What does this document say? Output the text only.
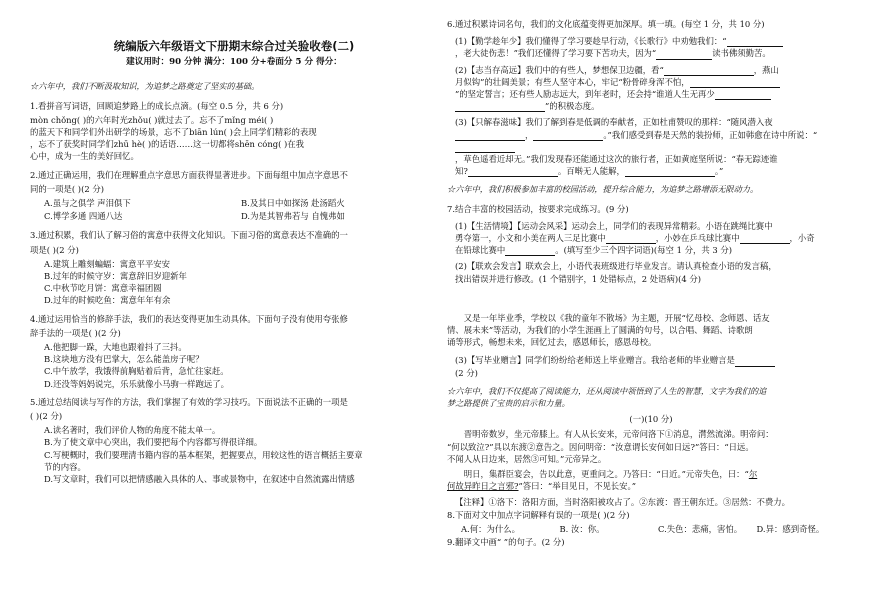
统编版六年级语文下册期末综合过关验收卷(二)
建议用时：90 分钟 满分：100 分+卷面分 5 分 得分：
☆六年中，我们不断汲取知识，为追梦之路奠定了坚实的基础。
1.看拼音写词语，回顾追梦路上的成长点滴。(每空 0.5 分，共 6 分)
mòn chǒng( )的六年时光zhǒu( )就过去了。忘不了mǐng méi( )
的蓝天下和同学们外出研学的场景，忘不了biān lún( )会上同学们精彩的表现
，忘不了获奖时同学们zhū hè( )的话语……这一切都将shēn cóng( )在我
心中，成为一生的美好回忆。
2.通过正确运用，我们在理解重点字意思方面获得显著进步。下面每组中加点字意思不
同的一项是( )(2 分)
A.虽与之俱学 声泪俱下	B.及其日中如探汤 赴汤蹈火
C.博学多通 四通八达	D.为是其智弗若与 自愧弗如
3.通过积累，我们认了解习俗的寓意中获得文化知识。下面习俗的寓意表达不准确的一
项是( )(2 分)
A.建筑上雕刻蝙蝠：寓意平平安安
B.过年的时候守岁：寓意辞旧岁迎新年
C.中秋节吃月饼：寓意幸福团圆
D.过年的时候吃鱼：寓意年年有余
4.通过运用恰当的修辞手法，我们的表达变得更加生动具体。下面句子没有使用夸张修
辞手法的一项是( )(2 分)
A.他把脚一跺，大地也跟着抖了三抖。
B.这块地方没有巴掌大，怎么能盖房子呢？
C.中午放学，我饿得前胸贴着后背，急忙往家赶。
D.还没等妈妈说完，乐乐就像小马驹一样跑远了。
5.通过总结阅读与写作的方法，我们掌握了有效的学习技巧。下面说法不正确的一项是
( )(2 分)
A.读名著时，我们评价人物的角度不能太单一。
B.为了使文章中心突出，我们要把每个内容都写得很详细。
C.写梗概时，我们要理清书籍内容的基本框架，把握要点，用较这性的语言概括主要章
节的内容。
D.写文章时，我们可以把情感融入具体的人、事或景物中，在叙述中自然流露出情感
6.通过积累诗词名句，我们的文化底蕴变得更加深厚。填一填。(每空 1 分，共 10 分)
(1)【勤学趁年少】我们懂得了学习要趁早行动，《长歌行》中劝勉我们：“
，老大徒伤悲！”我们还懂得了学习要下苦功夫，因为“	读书佛须勤苦。
(2)【志当存高远】我们中的有些人，梦想保卫边疆，看“	，燕山
月似钩”的壮阔美景；有些人坚守本心，牢记“粉骨碎身浑不怕，
”的坚定誓言；还有些人励志远大，到年老时，还会持“谁道人生无再少
”的积极态度。
(3)【只解春滋味】我们了解到春是低调的奉献者，正如杜甫赞叹的那样：“随风潜入夜
，	。”我们感受到春是天然的装扮师，正如韩愈在诗中所说：“
，草色遥看近却无。”我们发现春还能通过这次的旅行者，正如黄庭坚所说：“春无踪迹谁
知?	。百啭无人能解，	。”
☆六年中，我们积极参加丰富的校园活动，提升综合能力，为追梦之路增添无限动力。
7.结合丰富的校园活动，按要求完成练习。(9 分)
(1)【生活情境】【运动会风采】运动会上，同学们的表现异常精彩。小语在跳绳比赛中
勇夺第一，小文和小美在两人三足比赛中	，小妙在乒乓球比赛中	，小奇
在铅球比赛中	。(填写至少三个四字词语)(每空 1 分，共 3 分)
(2)【联欢会发言】联欢会上，小语代表班级进行毕业发言。请认真检查小语的发言稿，
找出错误并进行修改。(1 个错别字，1 处错标点，2 处语病)(4 分)
又是一年毕业季，学校以《我的童年不散场》为主题，开展“忆母校、念师恩、话友
情、展未来”等活动，为我们的小学生涯画上了圆满的句号，以合唱、舞蹈、诗歌朗
诵等形式，畅想未来，回忆过去，感恩师长，感恩母校。
(3)【写毕业赠言】同学们纷纷给老师送上毕业赠言。我给老师的毕业赠言是
(2 分)
☆六年中，我们不仅提高了阅读能力，还从阅读中领悟到了人生的智慧，文字为我们的追
梦之路提供了宝贵的启示和力量。
(一)(10 分)
晋明帝数岁，坐元帝膝上。有人从长安来，元帝问洛下①消息，潸然流涕。明帝问：
“何以致泣?”具以东渡②意告之。因问明帝：“汝意谓长安何如日远?”答曰：“日远。
不闻人从日边来，居然③可知。”元帝异之。
明日，集群臣宴会，告以此意，更重问之。乃答曰：“日近。”元帝失色，曰：“尔
何故异昨日之言邪?”答曰：“举目见日，不见长安。”
【注释】①洛下：洛阳方面，当时洛阳被攻占了。②东渡：晋王朝东迁。③居然：不费力。
8.下面对文中加点字词解释有误的一项是( )(2 分)
A.何：为什么。	B. 汝：你。	C.失色：悲痛，害怕。	D.异：感到奇怪。
9.翻译文中画“ ”的句子。(2 分)
